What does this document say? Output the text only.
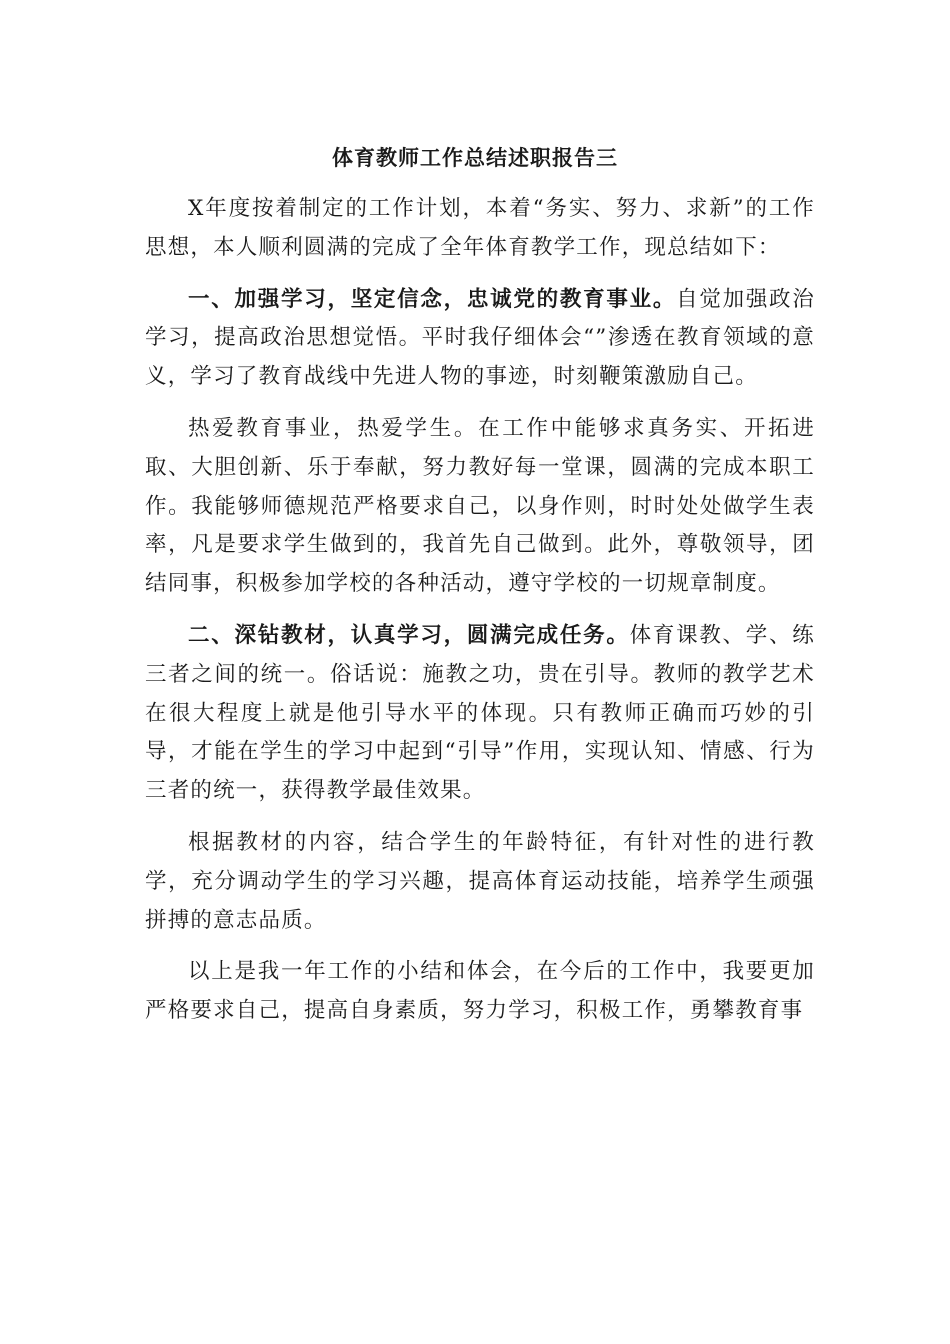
体育教师工作总结述职报告三

X年度按着制定的工作计划，本着“务实、努力、求新”的工作思想，本人顺利圆满的完成了全年体育教学工作，现总结如下：

一、加强学习，坚定信念，忠诚党的教育事业。自觉加强政治学习，提高政治思想觉悟。平时我仔细体会“”渗透在教育领域的意义，学习了教育战线中先进人物的事迹，时刻鞭策激励自己。

热爱教育事业，热爱学生。在工作中能够求真务实、开拓进取、大胆创新、乐于奉献，努力教好每一堂课，圆满的完成本职工作。我能够师德规范严格要求自己，以身作则，时时处处做学生表率，凡是要求学生做到的，我首先自己做到。此外，尊敬领导，团结同事，积极参加学校的各种活动，遵守学校的一切规章制度。

二、深钻教材，认真学习，圆满完成任务。体育课教、学、练三者之间的统一。俗话说：施教之功，贵在引导。教师的教学艺术在很大程度上就是他引导水平的体现。只有教师正确而巧妙的引导，才能在学生的学习中起到“引导”作用，实现认知、情感、行为三者的统一，获得教学最佳效果。

根据教材的内容，结合学生的年龄特征，有针对性的进行教学，充分调动学生的学习兴趣，提高体育运动技能，培养学生顽强拼搏的意志品质。

以上是我一年工作的小结和体会，在今后的工作中，我要更加严格要求自己，提高自身素质，努力学习，积极工作，勇攀教育事
